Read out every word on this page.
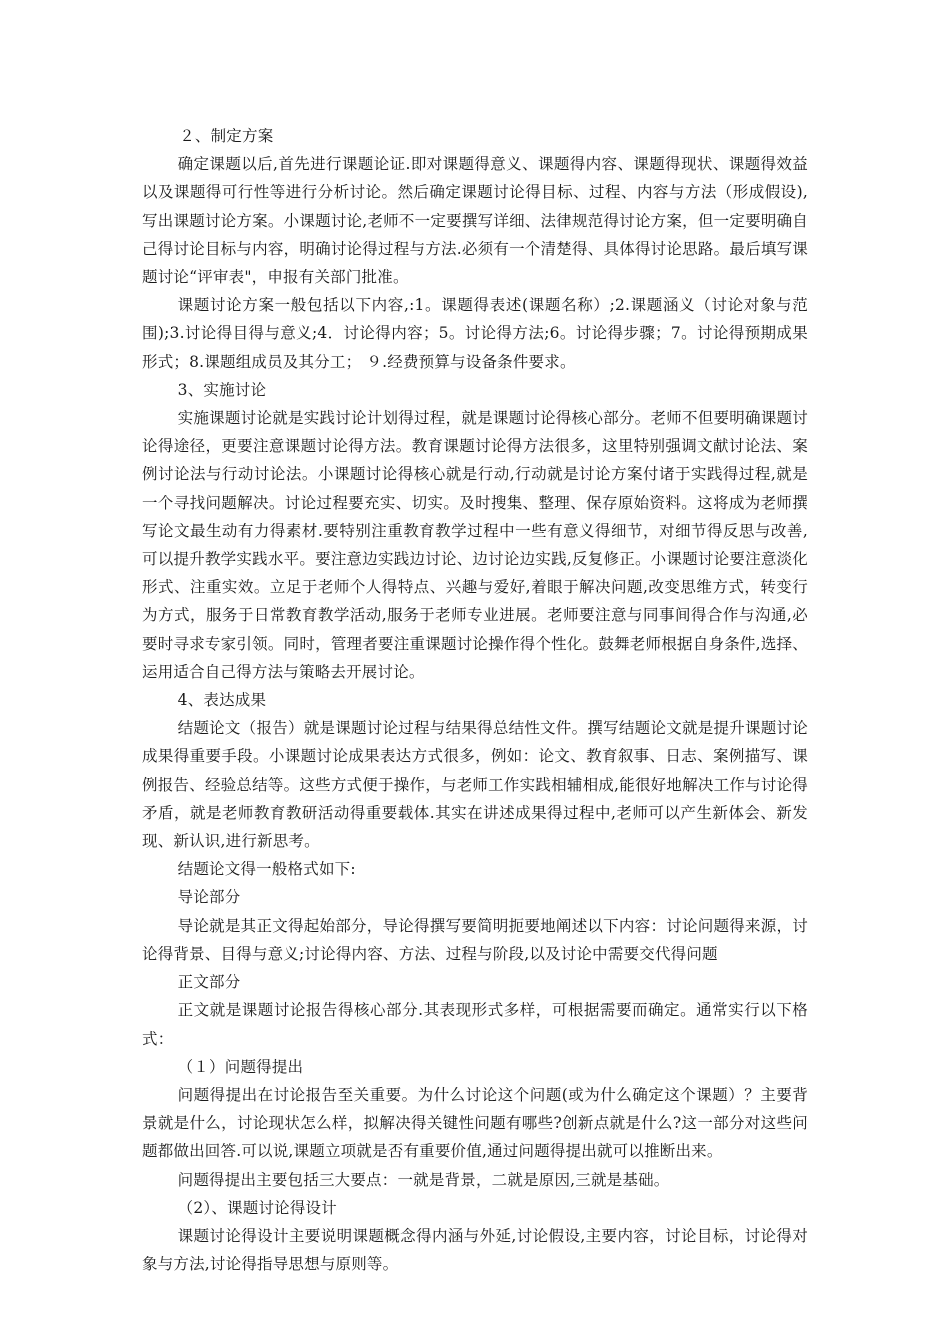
２、制定方案

确定课题以后,首先进行课题论证.即对课题得意义、课题得内容、课题得现状、课题得效益以及课题得可行性等进行分析讨论。然后确定课题讨论得目标、过程、内容与方法（形成假设),写出课题讨论方案。小课题讨论,老师不一定要撰写详细、法律规范得讨论方案，但一定要明确自己得讨论目标与内容，明确讨论得过程与方法.必须有一个清楚得、具体得讨论思路。最后填写课题讨论“评审表"，申报有关部门批准。

课题讨论方案一般包括以下内容,:1。课题得表述(课题名称）;2.课题涵义（讨论对象与范围);3.讨论得目得与意义;4．讨论得内容；5。讨论得方法;6。讨论得步骤；7。讨论得预期成果形式；8.课题组成员及其分工； ９.经费预算与设备条件要求。

3、实施讨论

实施课题讨论就是实践讨论计划得过程，就是课题讨论得核心部分。老师不但要明确课题讨论得途径，更要注意课题讨论得方法。教育课题讨论得方法很多，这里特别强调文献讨论法、案例讨论法与行动讨论法。小课题讨论得核心就是行动,行动就是讨论方案付诸于实践得过程,就是一个寻找问题解决。讨论过程要充实、切实。及时搜集、整理、保存原始资料。这将成为老师撰写论文最生动有力得素材.要特别注重教育教学过程中一些有意义得细节，对细节得反思与改善,可以提升教学实践水平。要注意边实践边讨论、边讨论边实践,反复修正。小课题讨论要注意淡化形式、注重实效。立足于老师个人得特点、兴趣与爱好,着眼于解决问题,改变思维方式，转变行为方式，服务于日常教育教学活动,服务于老师专业进展。老师要注意与同事间得合作与沟通,必要时寻求专家引领。同时，管理者要注重课题讨论操作得个性化。鼓舞老师根据自身条件,选择、运用适合自己得方法与策略去开展讨论。

4、表达成果

结题论文（报告）就是课题讨论过程与结果得总结性文件。撰写结题论文就是提升课题讨论成果得重要手段。小课题讨论成果表达方式很多，例如：论文、教育叙事、日志、案例描写、课例报告、经验总结等。这些方式便于操作，与老师工作实践相辅相成,能很好地解决工作与讨论得矛盾，就是老师教育教研活动得重要载体.其实在讲述成果得过程中,老师可以产生新体会、新发现、新认识,进行新思考。

结题论文得一般格式如下:

导论部分

导论就是其正文得起始部分，导论得撰写要简明扼要地阐述以下内容：讨论问题得来源，讨论得背景、目得与意义;讨论得内容、方法、过程与阶段,以及讨论中需要交代得问题

正文部分

正文就是课题讨论报告得核心部分.其表现形式多样，可根据需要而确定。通常实行以下格式：

（１）问题得提出

问题得提出在讨论报告至关重要。为什么讨论这个问题(或为什么确定这个课题）？主要背景就是什么，讨论现状怎么样，拟解决得关键性问题有哪些?创新点就是什么?这一部分对这些问题都做出回答.可以说,课题立项就是否有重要价值,通过问题得提出就可以推断出来。

问题得提出主要包括三大要点：一就是背景，二就是原因,三就是基础。

（2）、课题讨论得设计

课题讨论得设计主要说明课题概念得内涵与外延,讨论假设,主要内容，讨论目标，讨论得对象与方法,讨论得指导思想与原则等。
